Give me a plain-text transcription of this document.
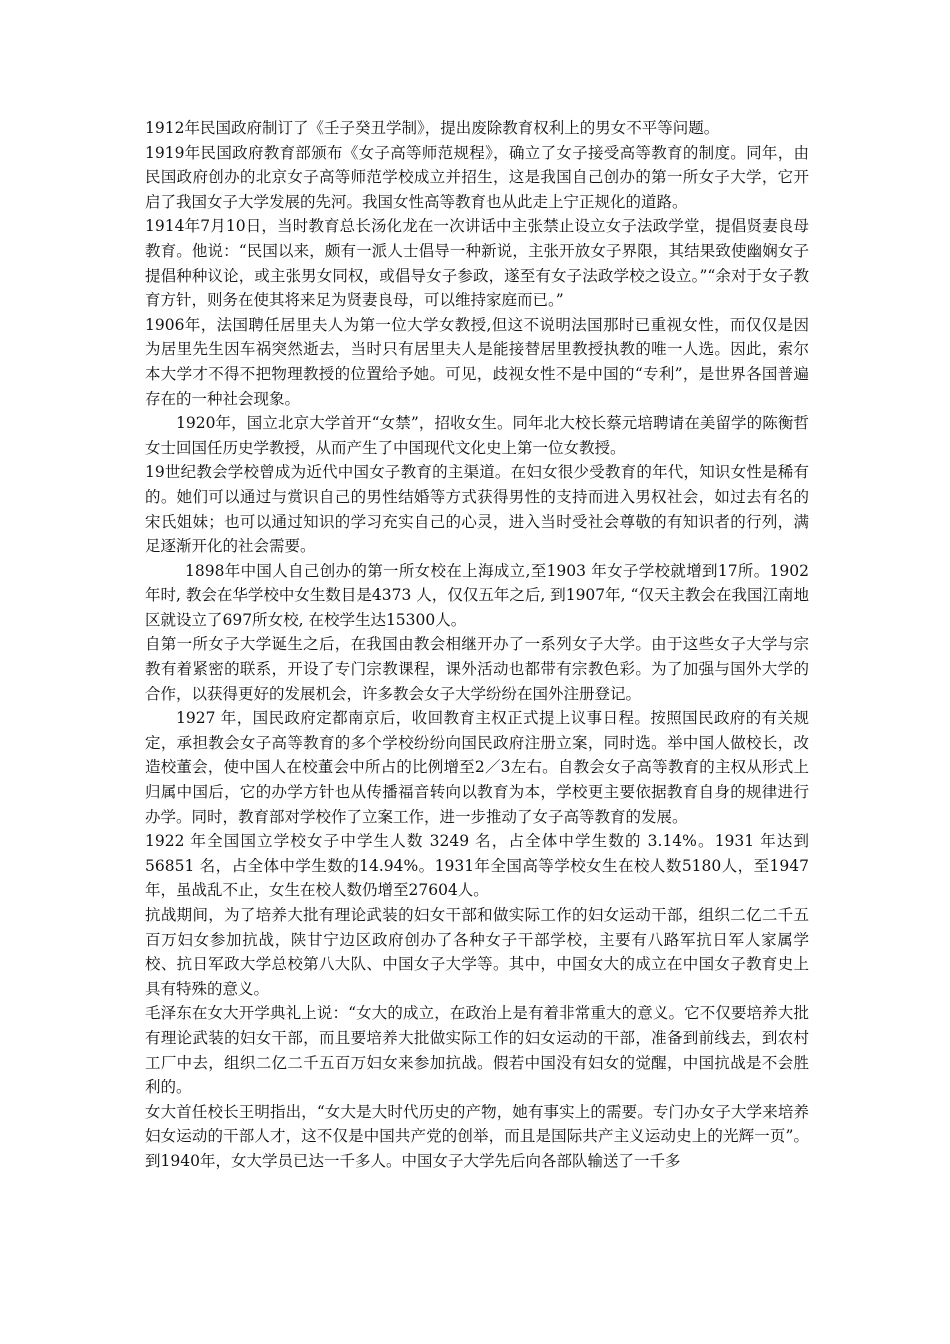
1912年民国政府制订了《壬子癸丑学制》，提出废除教育权利上的男女不平等问题。

1919年民国政府教育部颁布《女子高等师范规程》，确立了女子接受高等教育的制度。同年，由民国政府创办的北京女子高等师范学校成立并招生，这是我国自己创办的第一所女子大学，它开启了我国女子大学发展的先河。我国女性高等教育也从此走上宁正规化的道路。

1914年7月10日，当时教育总长汤化龙在一次讲话中主张禁止设立女子法政学堂，提倡贤妻良母教育。他说：“民国以来，颇有一派人士倡导一种新说，主张开放女子界限，其结果致使幽娴女子提倡种种议论，或主张男女同权，或倡导女子参政，遂至有女子法政学校之设立。”“余对于女子教育方针，则务在使其将来足为贤妻良母，可以维持家庭而已。”

1906年，法国聘任居里夫人为第一位大学女教授,但这不说明法国那时已重视女性，而仅仅是因为居里先生因车祸突然逝去，当时只有居里夫人是能接替居里教授执教的唯一人选。因此，索尔本大学才不得不把物理教授的位置给予她。可见，歧视女性不是中国的“专利”，是世界各国普遍存在的一种社会现象。

1920年，国立北京大学首开“女禁”，招收女生。同年北大校长蔡元培聘请在美留学的陈衡哲女士回国任历史学教授，从而产生了中国现代文化史上第一位女教授。

19世纪教会学校曾成为近代中国女子教育的主渠道。在妇女很少受教育的年代，知识女性是稀有的。她们可以通过与赏识自己的男性结婚等方式获得男性的支持而进入男权社会，如过去有名的宋氏姐妹；也可以通过知识的学习充实自己的心灵，进入当时受社会尊敬的有知识者的行列，满足逐渐开化的社会需要。

1898年中国人自己创办的第一所女校在上海成立,至1903 年女子学校就增到17所。1902年时, 教会在华学校中女生数目是4373 人，仅仅五年之后, 到1907年, “仅天主教会在我国江南地区就设立了697所女校, 在校学生达15300人。

自第一所女子大学诞生之后，在我国由教会相继开办了一系列女子大学。由于这些女子大学与宗教有着紧密的联系，开设了专门宗教课程，课外活动也都带有宗教色彩。为了加强与国外大学的合作，以获得更好的发展机会，许多教会女子大学纷纷在国外注册登记。

1927 年，国民政府定都南京后，收回教育主权正式提上议事日程。按照国民政府的有关规定，承担教会女子高等教育的多个学校纷纷向国民政府注册立案，同时选。举中国人做校长，改造校董会，使中国人在校董会中所占的比例增至2／3左右。自教会女子高等教育的主权从形式上归属中国后，它的办学方针也从传播福音转向以教育为本，学校更主要依据教育自身的规律进行办学。同时，教育部对学校作了立案工作，进一步推动了女子高等教育的发展。

1922 年全国国立学校女子中学生人数 3249 名，占全体中学生数的 3.14%。1931 年达到 56851 名，占全体中学生数的14.94%。1931年全国高等学校女生在校人数5180人，至1947年，虽战乱不止，女生在校人数仍增至27604人。

抗战期间，为了培养大批有理论武装的妇女干部和做实际工作的妇女运动干部，组织二亿二千五百万妇女参加抗战，陕甘宁边区政府创办了各种女子干部学校，主要有八路军抗日军人家属学校、抗日军政大学总校第八大队、中国女子大学等。其中，中国女大的成立在中国女子教育史上具有特殊的意义。

毛泽东在女大开学典礼上说：“女大的成立，在政治上是有着非常重大的意义。它不仅要培养大批有理论武装的妇女干部，而且要培养大批做实际工作的妇女运动的干部，准备到前线去，到农村工厂中去，组织二亿二千五百万妇女来参加抗战。假若中国没有妇女的觉醒，中国抗战是不会胜利的。

女大首任校长王明指出，“女大是大时代历史的产物，她有事实上的需要。专门办女子大学来培养妇女运动的干部人才，这不仅是中国共产党的创举，而且是国际共产主义运动史上的光辉一页”。到1940年，女大学员已达一千多人。中国女子大学先后向各部队输送了一千多
